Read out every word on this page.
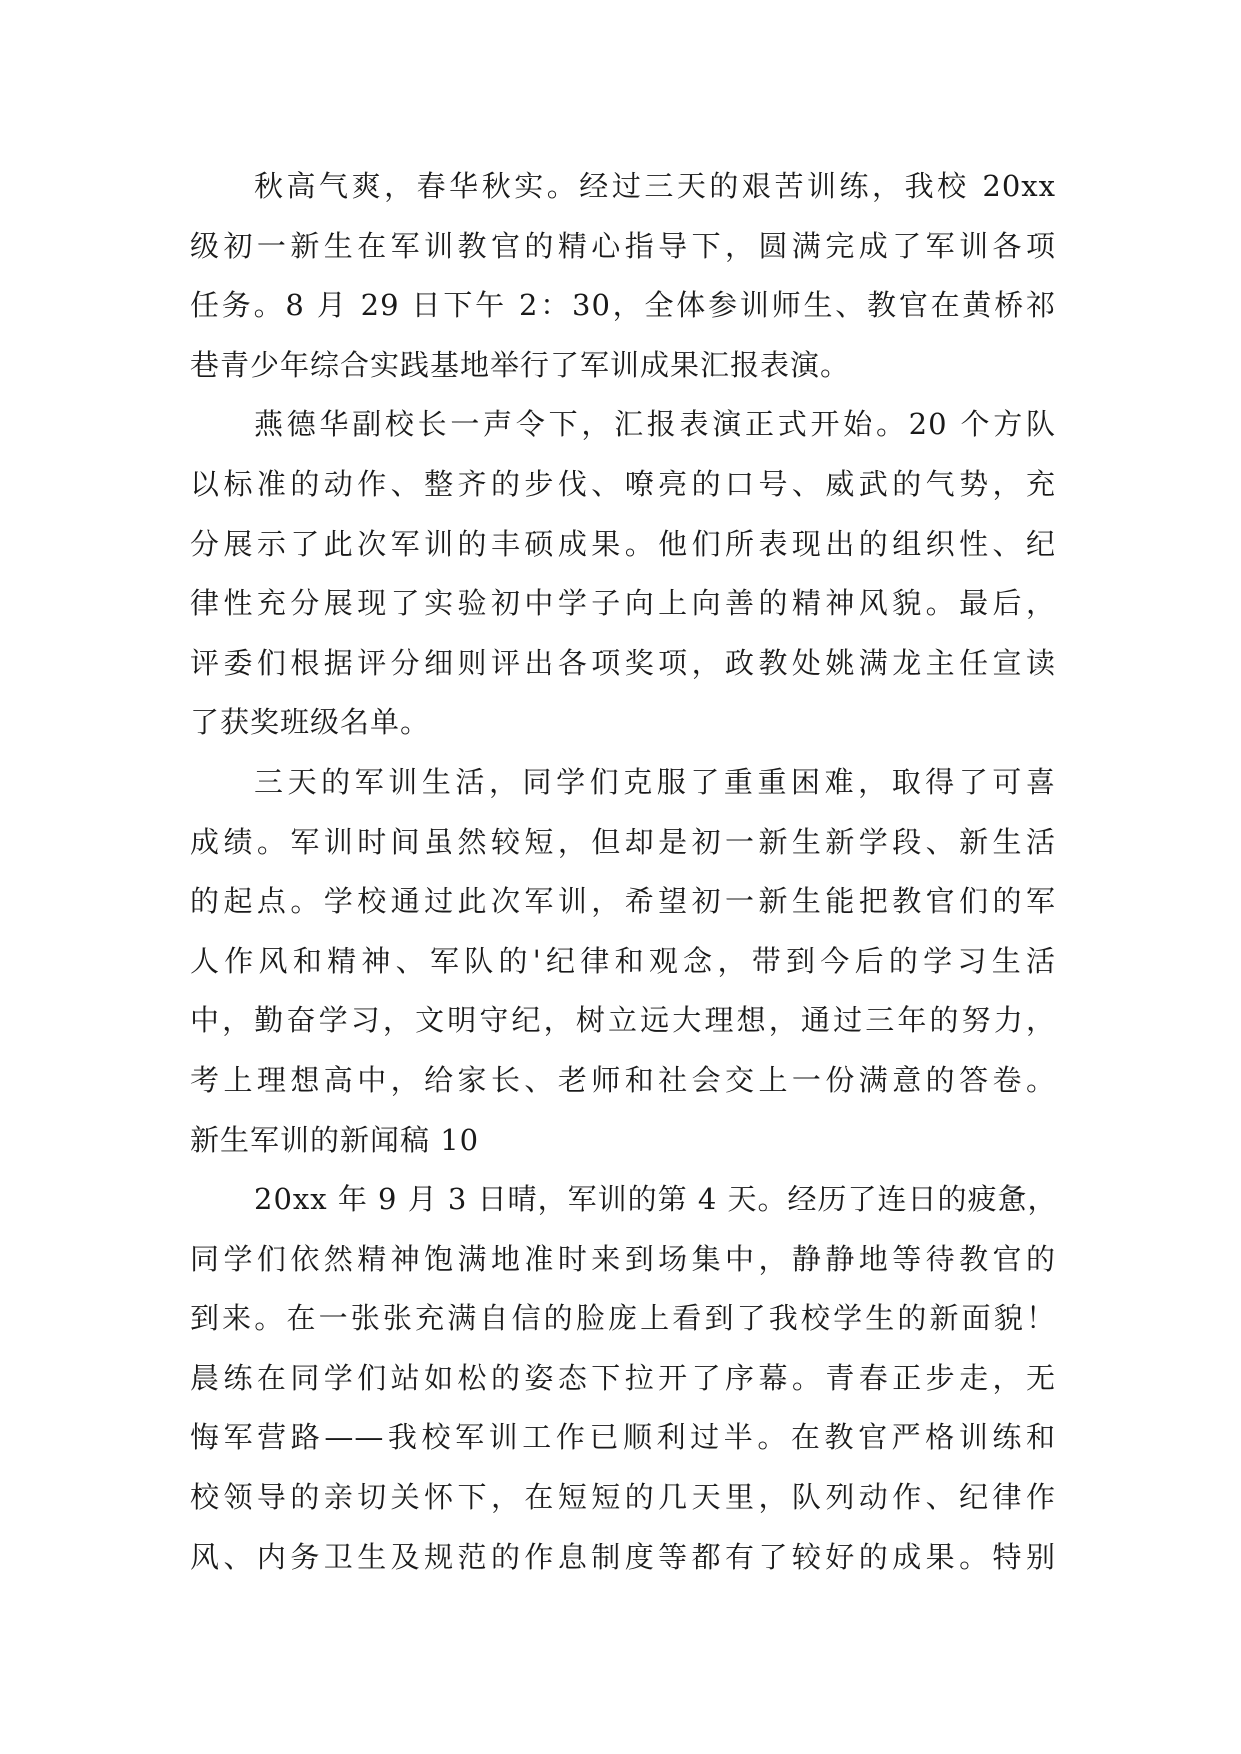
秋高气爽，春华秋实。经过三天的艰苦训练，我校 20xx
级初一新生在军训教官的精心指导下，圆满完成了军训各项
任务。8 月 29 日下午 2：30，全体参训师生、教官在黄桥祁
巷青少年综合实践基地举行了军训成果汇报表演。
燕德华副校长一声令下，汇报表演正式开始。20 个方队
以标准的动作、整齐的步伐、嘹亮的口号、威武的气势，充
分展示了此次军训的丰硕成果。他们所表现出的组织性、纪
律性充分展现了实验初中学子向上向善的精神风貌。最后，
评委们根据评分细则评出各项奖项，政教处姚满龙主任宣读
了获奖班级名单。
三天的军训生活，同学们克服了重重困难，取得了可喜
成绩。军训时间虽然较短，但却是初一新生新学段、新生活
的起点。学校通过此次军训，希望初一新生能把教官们的军
人作风和精神、军队的'纪律和观念，带到今后的学习生活
中，勤奋学习，文明守纪，树立远大理想，通过三年的努力，
考上理想高中，给家长、老师和社会交上一份满意的答卷。
新生军训的新闻稿 10
20xx 年 9 月 3 日晴，军训的第 4 天。经历了连日的疲惫，
同学们依然精神饱满地准时来到场集中，静静地等待教官的
到来。在一张张充满自信的脸庞上看到了我校学生的新面貌！
晨练在同学们站如松的姿态下拉开了序幕。青春正步走，无
悔军营路——我校军训工作已顺利过半。在教官严格训练和
校领导的亲切关怀下，在短短的几天里，队列动作、纪律作
风、内务卫生及规范的作息制度等都有了较好的成果。特别
